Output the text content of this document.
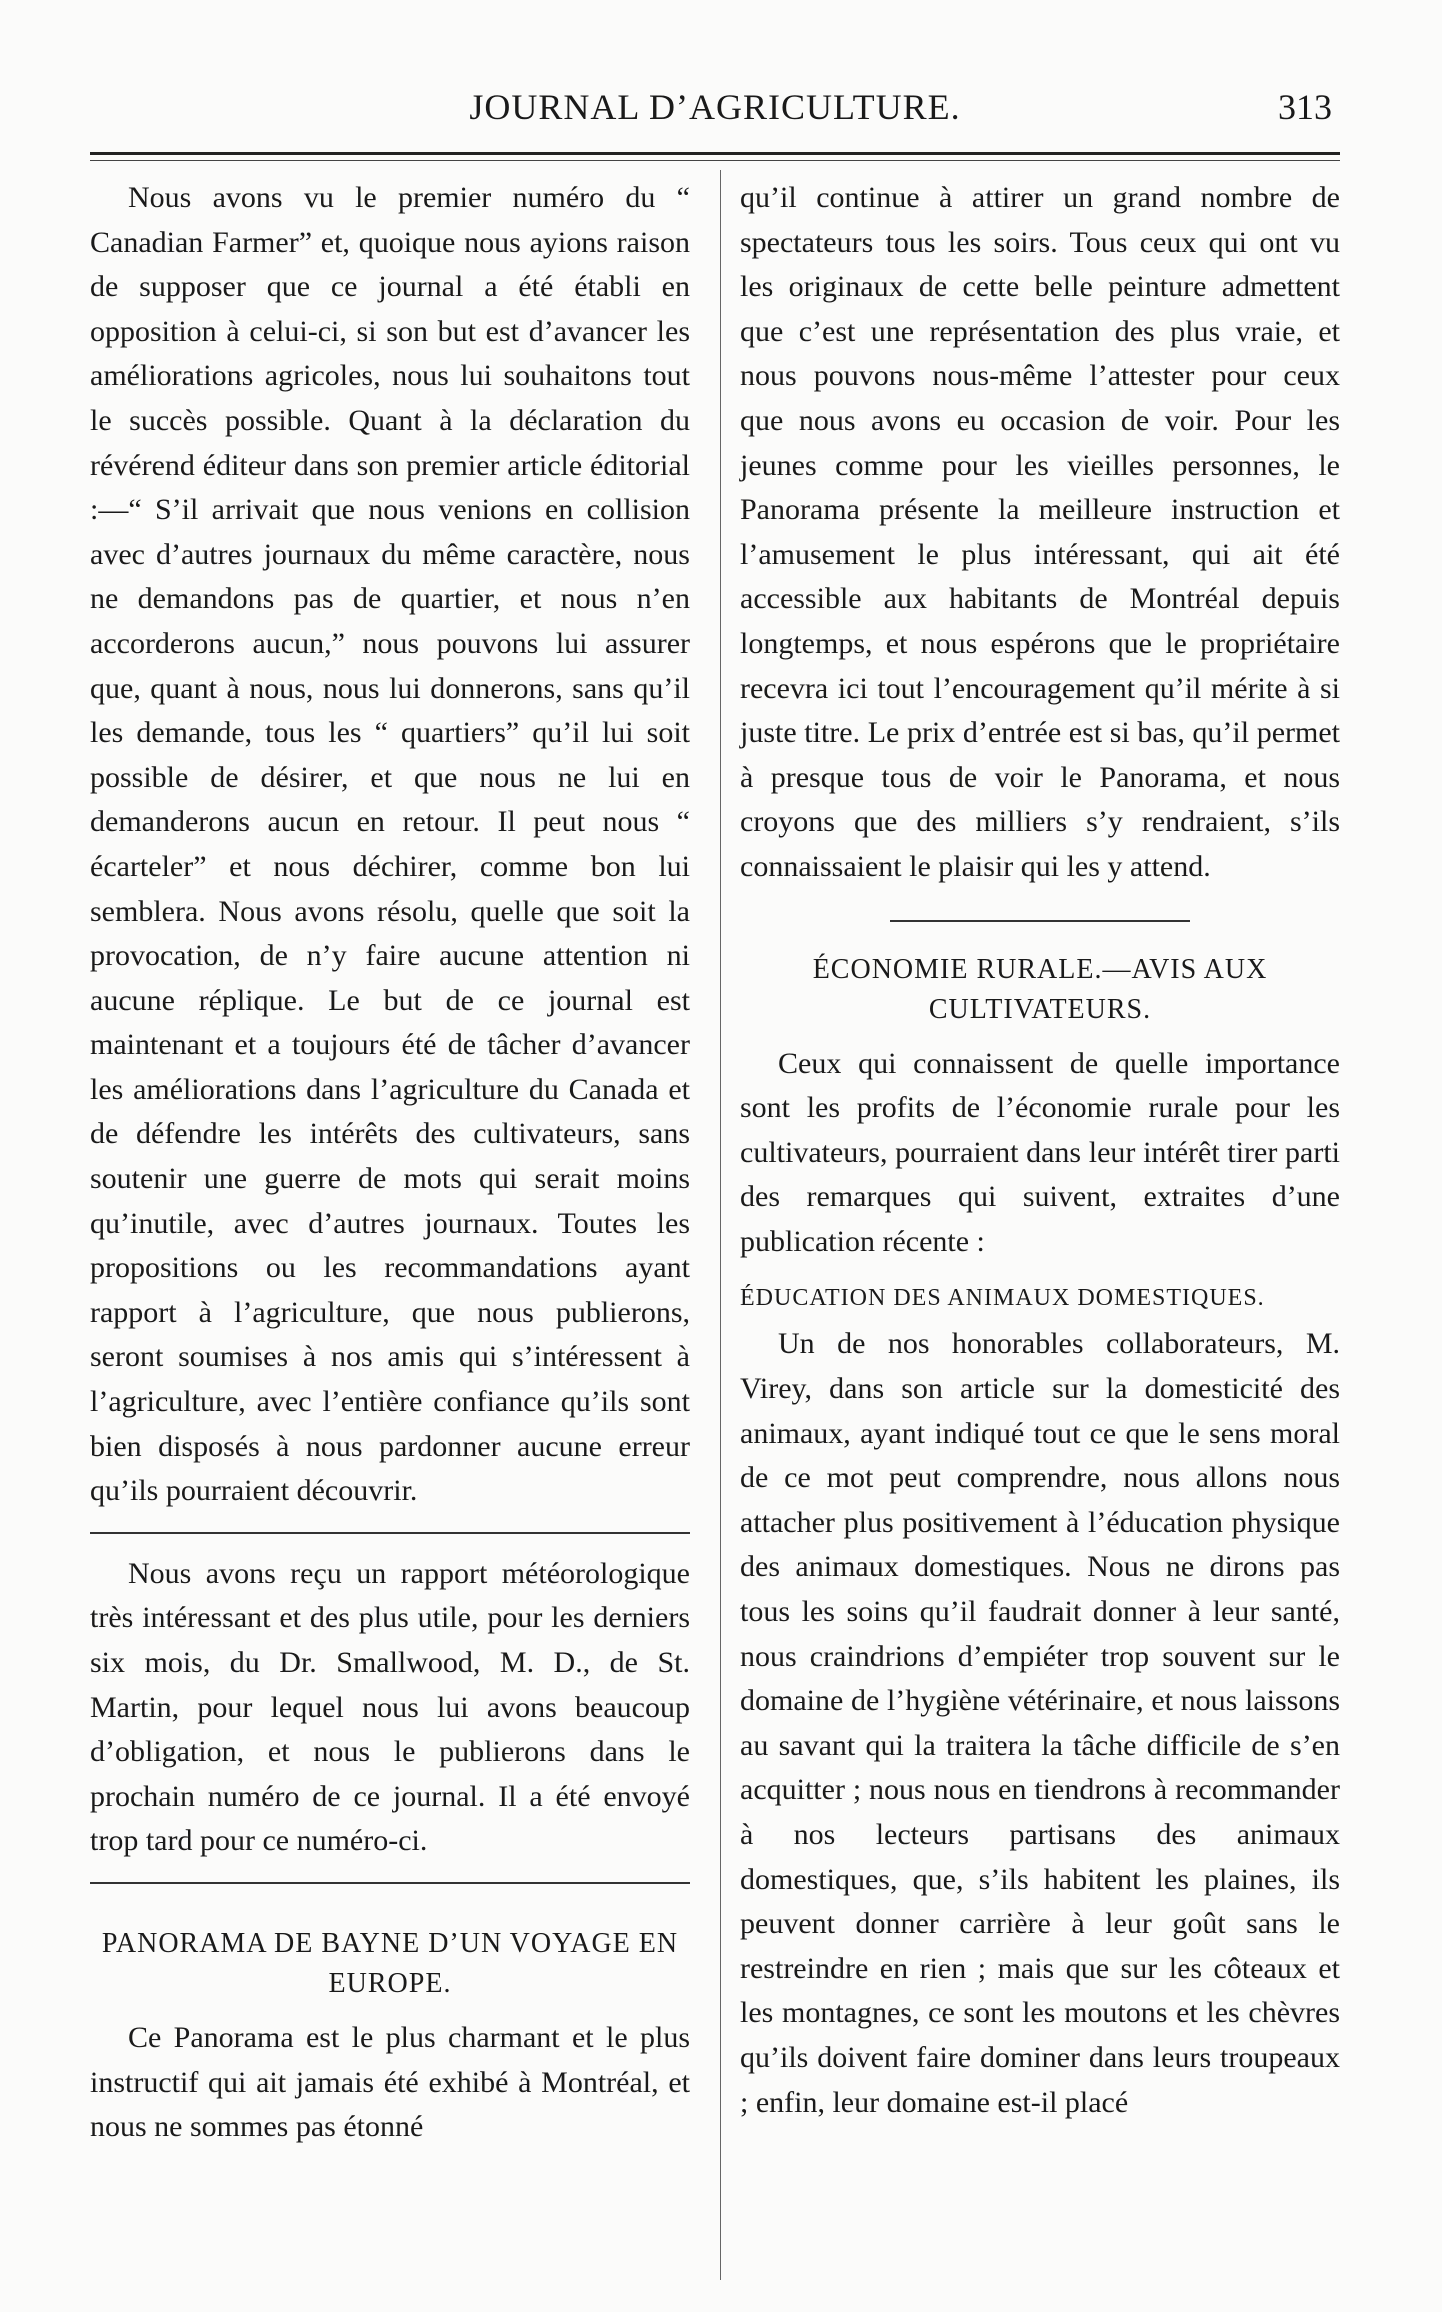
JOURNAL D’AGRICULTURE.	313

Nous avons vu le premier numéro du “ Canadian Farmer” et, quoique nous ayions raison de supposer que ce journal a été établi en opposition à celui-ci, si son but est d’avancer les améliorations agricoles, nous lui souhaitons tout le succès possible. Quant à la déclaration du révérend éditeur dans son premier article éditorial :—“ S’il arrivait que nous venions en collision avec d’autres journaux du même caractère, nous ne demandons pas de quartier, et nous n’en accorderons aucun,” nous pouvons lui assurer que, quant à nous, nous lui donnerons, sans qu’il les demande, tous les “ quartiers” qu’il lui soit possible de désirer, et que nous ne lui en demanderons aucun en retour. Il peut nous “ écarteler” et nous déchirer, comme bon lui semblera. Nous avons résolu, quelle que soit la provocation, de n’y faire aucune attention ni aucune réplique. Le but de ce journal est maintenant et a toujours été de tâcher d’avancer les améliorations dans l’agriculture du Canada et de défendre les intérêts des cultivateurs, sans soutenir une guerre de mots qui serait moins qu’inutile, avec d’autres journaux. Toutes les propositions ou les recommandations ayant rapport à l’agriculture, que nous publierons, seront soumises à nos amis qui s’intéressent à l’agriculture, avec l’entière confiance qu’ils sont bien disposés à nous pardonner aucune erreur qu’ils pourraient découvrir.

Nous avons reçu un rapport météorologique très intéressant et des plus utile, pour les derniers six mois, du Dr. Smallwood, M. D., de St. Martin, pour lequel nous lui avons beaucoup d’obligation, et nous le publierons dans le prochain numéro de ce journal. Il a été envoyé trop tard pour ce numéro-ci.

PANORAMA DE BAYNE D’UN VOYAGE EN EUROPE.

Ce Panorama est le plus charmant et le plus instructif qui ait jamais été exhibé à Montréal, et nous ne sommes pas étonné

qu’il continue à attirer un grand nombre de spectateurs tous les soirs. Tous ceux qui ont vu les originaux de cette belle peinture admettent que c’est une représentation des plus vraie, et nous pouvons nous-même l’attester pour ceux que nous avons eu occasion de voir. Pour les jeunes comme pour les vieilles personnes, le Panorama présente la meilleure instruction et l’amusement le plus intéressant, qui ait été accessible aux habitants de Montréal depuis longtemps, et nous espérons que le propriétaire recevra ici tout l’encouragement qu’il mérite à si juste titre. Le prix d’entrée est si bas, qu’il permet à presque tous de voir le Panorama, et nous croyons que des milliers s’y rendraient, s’ils connaissaient le plaisir qui les y attend.

ÉCONOMIE RURALE.—AVIS AUX CULTIVATEURS.

Ceux qui connaissent de quelle importance sont les profits de l’économie rurale pour les cultivateurs, pourraient dans leur intérêt tirer parti des remarques qui suivent, extraites d’une publication récente :

ÉDUCATION DES ANIMAUX DOMESTIQUES.

Un de nos honorables collaborateurs, M. Virey, dans son article sur la domesticité des animaux, ayant indiqué tout ce que le sens moral de ce mot peut comprendre, nous allons nous attacher plus positivement à l’éducation physique des animaux domestiques. Nous ne dirons pas tous les soins qu’il faudrait donner à leur santé, nous craindrions d’empiéter trop souvent sur le domaine de l’hygiène vétérinaire, et nous laissons au savant qui la traitera la tâche difficile de s’en acquitter ; nous nous en tiendrons à recommander à nos lecteurs partisans des animaux domestiques, que, s’ils habitent les plaines, ils peuvent donner carrière à leur goût sans le restreindre en rien ; mais que sur les côteaux et les montagnes, ce sont les moutons et les chèvres qu’ils doivent faire dominer dans leurs troupeaux ; enfin, leur domaine est-il placé
